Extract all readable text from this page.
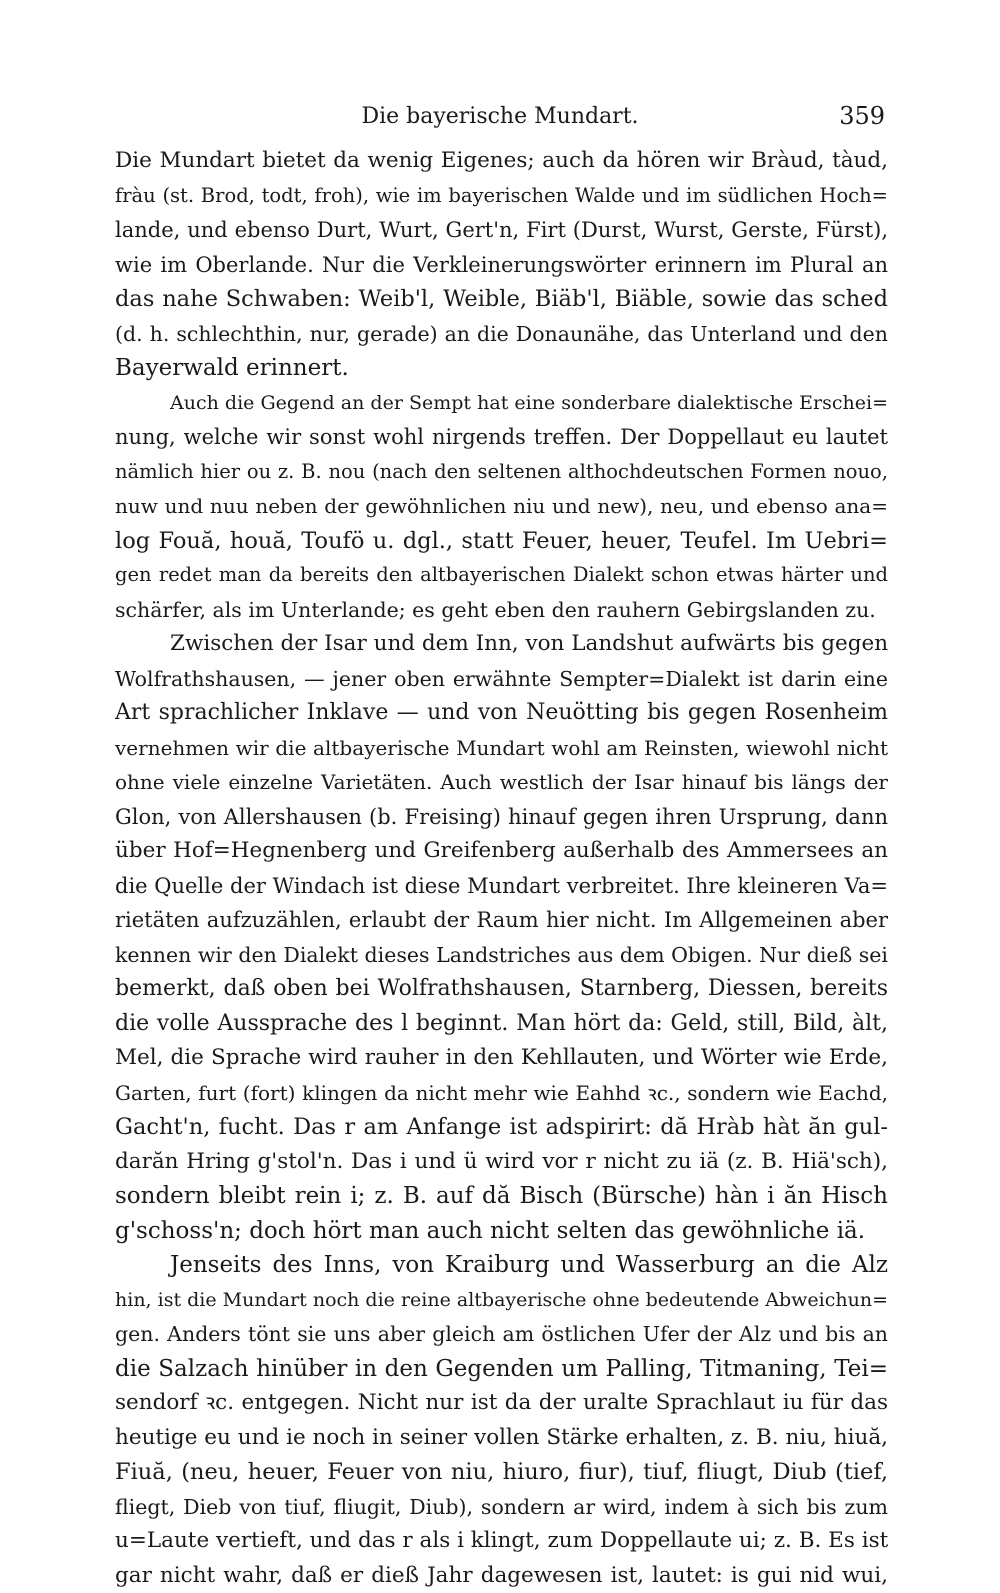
Die bayerische Mundart.	359
Die Mundart bietet da wenig Eigenes; auch da hören wir Bràud, tàud,
fràu (st. Brod, todt, froh), wie im bayerischen Walde und im südlichen Hoch=
lande, und ebenso Durt, Wurt, Gert'n, Firt (Durst, Wurst, Gerste, Fürst),
wie im Oberlande. Nur die Verkleinerungswörter erinnern im Plural an
das nahe Schwaben: Weib'l, Weible, Biäb'l, Biäble, sowie das sched
(d. h. schlechthin, nur, gerade) an die Donaunähe, das Unterland und den
Bayerwald erinnert.
Auch die Gegend an der Sempt hat eine sonderbare dialektische Erschei=
nung, welche wir sonst wohl nirgends treffen. Der Doppellaut eu lautet
nämlich hier ou z. B. nou (nach den seltenen althochdeutschen Formen nouo,
nuw und nuu neben der gewöhnlichen niu und new), neu, und ebenso ana=
log Fouă, houă, Toufö u. dgl., statt Feuer, heuer, Teufel. Im Uebri=
gen redet man da bereits den altbayerischen Dialekt schon etwas härter und
schärfer, als im Unterlande; es geht eben den rauhern Gebirgslanden zu.
Zwischen der Isar und dem Inn, von Landshut aufwärts bis gegen
Wolfrathshausen, — jener oben erwähnte Sempter=Dialekt ist darin eine
Art sprachlicher Inklave — und von Neuötting bis gegen Rosenheim
vernehmen wir die altbayerische Mundart wohl am Reinsten, wiewohl nicht
ohne viele einzelne Varietäten. Auch westlich der Isar hinauf bis längs der
Glon, von Allershausen (b. Freising) hinauf gegen ihren Ursprung, dann
über Hof=Hegnenberg und Greifenberg außerhalb des Ammersees an
die Quelle der Windach ist diese Mundart verbreitet. Ihre kleineren Va=
rietäten aufzuzählen, erlaubt der Raum hier nicht. Im Allgemeinen aber
kennen wir den Dialekt dieses Landstriches aus dem Obigen. Nur dieß sei
bemerkt, daß oben bei Wolfrathshausen, Starnberg, Diessen, bereits
die volle Aussprache des l beginnt. Man hört da: Geld, still, Bild, àlt,
Mel, die Sprache wird rauher in den Kehllauten, und Wörter wie Erde,
Garten, furt (fort) klingen da nicht mehr wie Eahhd ꝛc., sondern wie Eachd,
Gacht'n, fucht. Das r am Anfange ist adspirirt: dă Hràb hàt ăn gul-
darăn Hring g'stol'n. Das i und ü wird vor r nicht zu iä (z. B. Hiä'sch),
sondern bleibt rein i; z. B. auf dă Bisch (Bürsche) hàn i ăn Hisch
g'schoss'n; doch hört man auch nicht selten das gewöhnliche iä.
Jenseits des Inns, von Kraiburg und Wasserburg an die Alz
hin, ist die Mundart noch die reine altbayerische ohne bedeutende Abweichun=
gen. Anders tönt sie uns aber gleich am östlichen Ufer der Alz und bis an
die Salzach hinüber in den Gegenden um Palling, Titmaning, Tei=
sendorf ꝛc. entgegen. Nicht nur ist da der uralte Sprachlaut iu für das
heutige eu und ie noch in seiner vollen Stärke erhalten, z. B. niu, hiuă,
Fiuă, (neu, heuer, Feuer von niu, hiuro, fiur), tiuf, fliugt, Diub (tief,
fliegt, Dieb von tiuf, fliugit, Diub), sondern ar wird, indem à sich bis zum
u=Laute vertieft, und das r als i klingt, zum Doppellaute ui; z. B. Es ist
gar nicht wahr, daß er dieß Jahr dagewesen ist, lautet: is gui nid wui,
